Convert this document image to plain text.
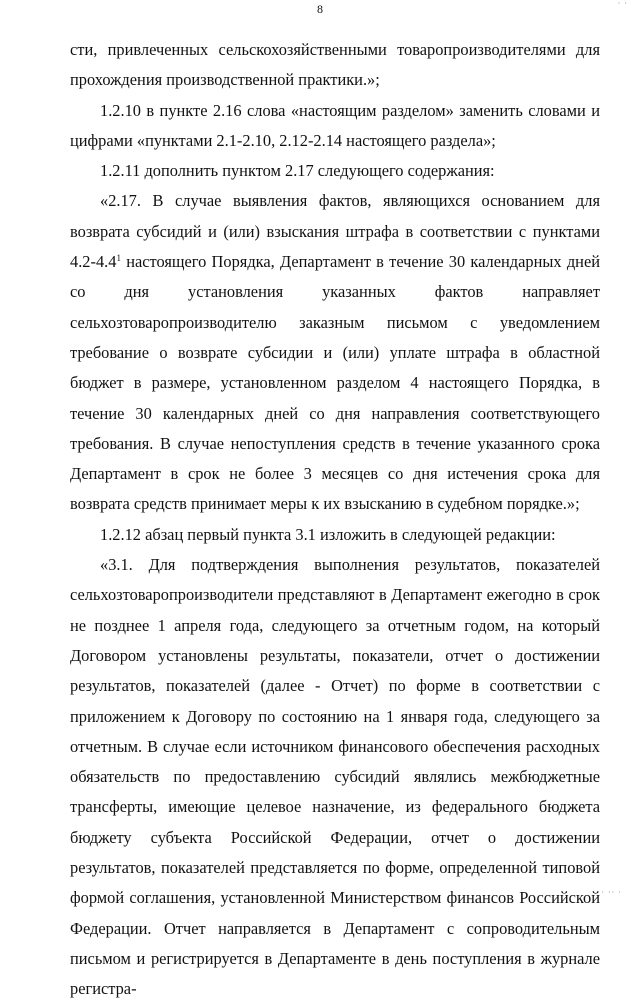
· ·
8

сти, привлеченных сельскохозяйственными товаропроизводителями для прохождения производственной практики.»;

1.2.10 в пункте 2.16 слова «настоящим разделом» заменить словами и цифрами «пунктами 2.1-2.10, 2.12-2.14 настоящего раздела»;

1.2.11 дополнить пунктом 2.17 следующего содержания:

«2.17. В случае выявления фактов, являющихся основанием для возврата субсидий и (или) взыскания штрафа в соответствии с пунктами $4.2-4.4^1$ настоящего Порядка, Департамент в течение 30 календарных дней со дня установления указанных фактов направляет сельхозтоваропроизводителю заказным письмом с уведомлением требование о возврате субсидии и (или) уплате штрафа в областной бюджет в размере, установленном разделом 4 настоящего Порядка, в течение 30 календарных дней со дня направления соответствующего требования. В случае непоступления средств в течение указанного срока Департамент в срок не более 3 месяцев со дня истечения срока для возврата средств принимает меры к их взысканию в судебном порядке.»;

1.2.12 абзац первый пункта 3.1 изложить в следующей редакции:

«3.1. Для подтверждения выполнения результатов, показателей сельхозтоваропроизводители представляют в Департамент ежегодно в срок не позднее 1 апреля года, следующего за отчетным годом, на который Договором установлены результаты, показатели, отчет о достижении результатов, показателей (далее - Отчет) по форме в соответствии с приложением к Договору по состоянию на 1 января года, следующего за отчетным. В случае если источником финансового обеспечения расходных обязательств по предоставлению субсидий являлись межбюджетные трансферты, имеющие целевое назначение, из федерального бюджета бюджету субъекта Российской Федерации, отчет о достижении результатов, показателей представляется по форме, определенной типовой формой соглашения, установленной Министерством финансов Российской Федерации. Отчет направляется в Департамент с сопроводительным письмом и регистрируется в Департаменте в день поступления в журнале регистра-

· ·· ·
